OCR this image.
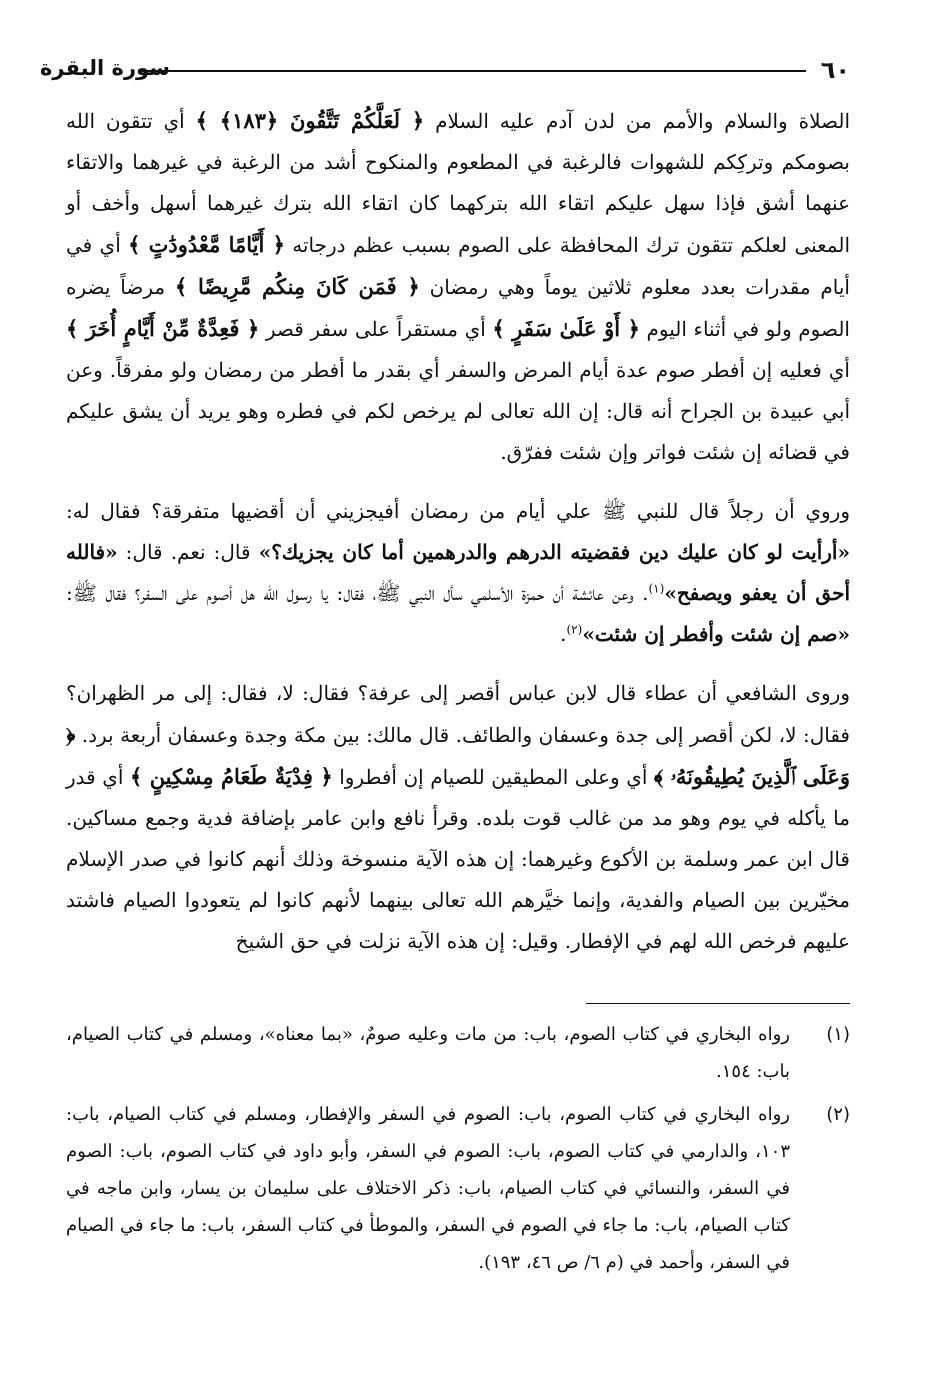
٦٠
سورة البقرة

الصلاة والسلام والأمم من لدن آدم عليه السلام ﴿ لَعَلَّكُمْ تَتَّقُونَ ﴿١٨٣﴾ ﴾ أي تتقون الله بصومكم وتركِكم للشهوات فالرغبة في المطعوم والمنكوح أشد من الرغبة في غيرهما والاتقاء عنهما أشق فإذا سهل عليكم اتقاء الله بتركهما كان اتقاء الله بترك غيرهما أسهل وأخف أو المعنى لعلكم تتقون ترك المحافظة على الصوم بسبب عظم درجاته ﴿ أَيَّامًا مَّعْدُودَٰتٍ ﴾ أي في أيام مقدرات بعدد معلوم ثلاثين يوماً وهي رمضان ﴿ فَمَن كَانَ مِنكُم مَّرِيضًا ﴾ مرضاً يضره الصوم ولو في أثناء اليوم ﴿ أَوْ عَلَىٰ سَفَرٍ ﴾ أي مستقراً على سفر قصر ﴿ فَعِدَّةٌ مِّنْ أَيَّامٍ أُخَرَ ﴾ أي فعليه إن أفطر صوم عدة أيام المرض والسفر أي بقدر ما أفطر من رمضان ولو مفرقاً. وعن أبي عبيدة بن الجراح أنه قال: إن الله تعالى لم يرخص لكم في فطره وهو يريد أن يشق عليكم في قضائه إن شئت فواتر وإن شئت ففرّق.

وروي أن رجلاً قال للنبي ﷺ علي أيام من رمضان أفيجزيني أن أقضيها متفرقة؟ فقال له: «أرأيت لو كان عليك دين فقضيته الدرهم والدرهمين أما كان يجزيك؟» قال: نعم. قال: «فالله أحق أن يعفو ويصفح»$^{(١)}$. وعن عائشة أن حمزة الأسلمي سأل النبي ﷺ، فقال: يا رسول الله هل أصوم على السفر؟ فقال ﷺ: «صم إن شئت وأفطر إن شئت»$^{(٢)}$.

وروى الشافعي أن عطاء قال لابن عباس أقصر إلى عرفة؟ فقال: لا، فقال: إلى مر الظهران؟ فقال: لا، لكن أقصر إلى جدة وعسفان والطائف. قال مالك: بين مكة وجدة وعسفان أربعة برد. ﴿ وَعَلَى ٱلَّذِينَ يُطِيقُونَهُۥ ﴾ أي وعلى المطيقين للصيام إن أفطروا ﴿ فِدْيَةٌ طَعَامُ مِسْكِينٍ ﴾ أي قدر ما يأكله في يوم وهو مد من غالب قوت بلده. وقرأ نافع وابن عامر بإضافة فدية وجمع مساكين. قال ابن عمر وسلمة بن الأكوع وغيرهما: إن هذه الآية منسوخة وذلك أنهم كانوا في صدر الإسلام مخيّرين بين الصيام والفدية، وإنما خيَّرهم الله تعالى بينهما لأنهم كانوا لم يتعودوا الصيام فاشتد عليهم فرخص الله لهم في الإفطار. وقيل: إن هذه الآية نزلت في حق الشيخ

(١)
رواه البخاري في كتاب الصوم، باب: من مات وعليه صومٌ، «بما معناه»، ومسلم في كتاب الصيام، باب: ١٥٤.
(٢)
رواه البخاري في كتاب الصوم، باب: الصوم في السفر والإفطار، ومسلم في كتاب الصيام، باب: ١٠٣، والدارمي في كتاب الصوم، باب: الصوم في السفر، وأبو داود في كتاب الصوم، باب: الصوم في السفر، والنسائي في كتاب الصيام، باب: ذكر الاختلاف على سليمان بن يسار، وابن ماجه في كتاب الصيام، باب: ما جاء في الصوم في السفر، والموطأ في كتاب السفر، باب: ما جاء في الصيام في السفر، وأحمد في (م ٦/ ص ٤٦، ١٩٣).
